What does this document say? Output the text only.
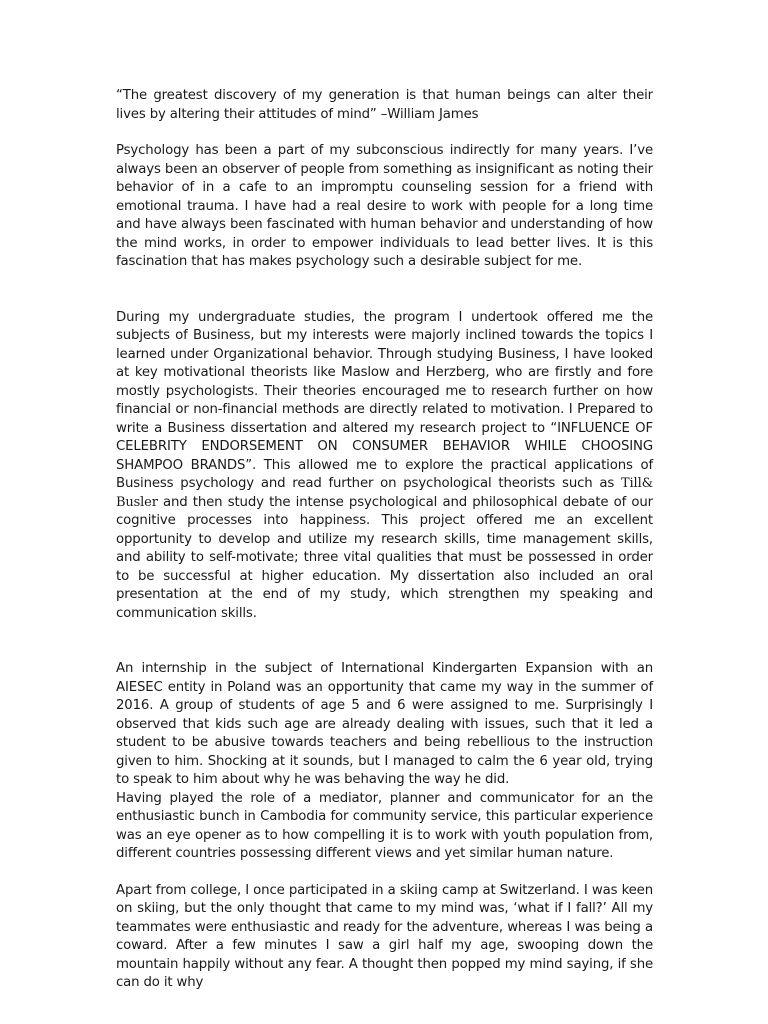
“The greatest discovery of my generation is that human beings can alter their lives by altering their attitudes of mind” –William James

Psychology has been a part of my subconscious indirectly for many years. I’ve always been an observer of people from something as insignificant as noting their behavior of in a cafe to an impromptu counseling session for a friend with emotional trauma. I have had a real desire to work with people for a long time and have always been fascinated with human behavior and understanding of how the mind works, in order to empower individuals to lead better lives. It is this fascination that has makes psychology such a desirable subject for me.

During my undergraduate studies, the program I undertook offered me the subjects of Business, but my interests were majorly inclined towards the topics I learned under Organizational behavior. Through studying Business, I have looked at key motivational theorists like Maslow and Herzberg, who are firstly and fore mostly psychologists. Their theories encouraged me to research further on how financial or non-financial methods are directly related to motivation. I Prepared to write a Business dissertation and altered my research project to “INFLUENCE OF CELEBRITY ENDORSEMENT ON CONSUMER BEHAVIOR WHILE CHOOSING SHAMPOO BRANDS”. This allowed me to explore the practical applications of Business psychology and read further on psychological theorists such as Till& Busler and then study the intense psychological and philosophical debate of our cognitive processes into happiness. This project offered me an excellent opportunity to develop and utilize my research skills, time management skills, and ability to self-motivate; three vital qualities that must be possessed in order to be successful at higher education. My dissertation also included an oral presentation at the end of my study, which strengthen my speaking and communication skills.

An internship in the subject of International Kindergarten Expansion with an AIESEC entity in Poland was an opportunity that came my way in the summer of 2016. A group of students of age 5 and 6 were assigned to me. Surprisingly I observed that kids such age are already dealing with issues, such that it led a student to be abusive towards teachers and being rebellious to the instruction given to him. Shocking at it sounds, but I managed to calm the 6 year old, trying to speak to him about why he was behaving the way he did.

Having played the role of a mediator, planner and communicator for an the enthusiastic bunch in Cambodia for community service, this particular experience was an eye opener as to how compelling it is to work with youth population from, different countries possessing different views and yet similar human nature.

Apart from college, I once participated in a skiing camp at Switzerland. I was keen on skiing, but the only thought that came to my mind was, ‘what if I fall?’ All my teammates were enthusiastic and ready for the adventure, whereas I was being a coward. After a few minutes I saw a girl half my age, swooping down the mountain happily without any fear. A thought then popped my mind saying, if she can do it why
